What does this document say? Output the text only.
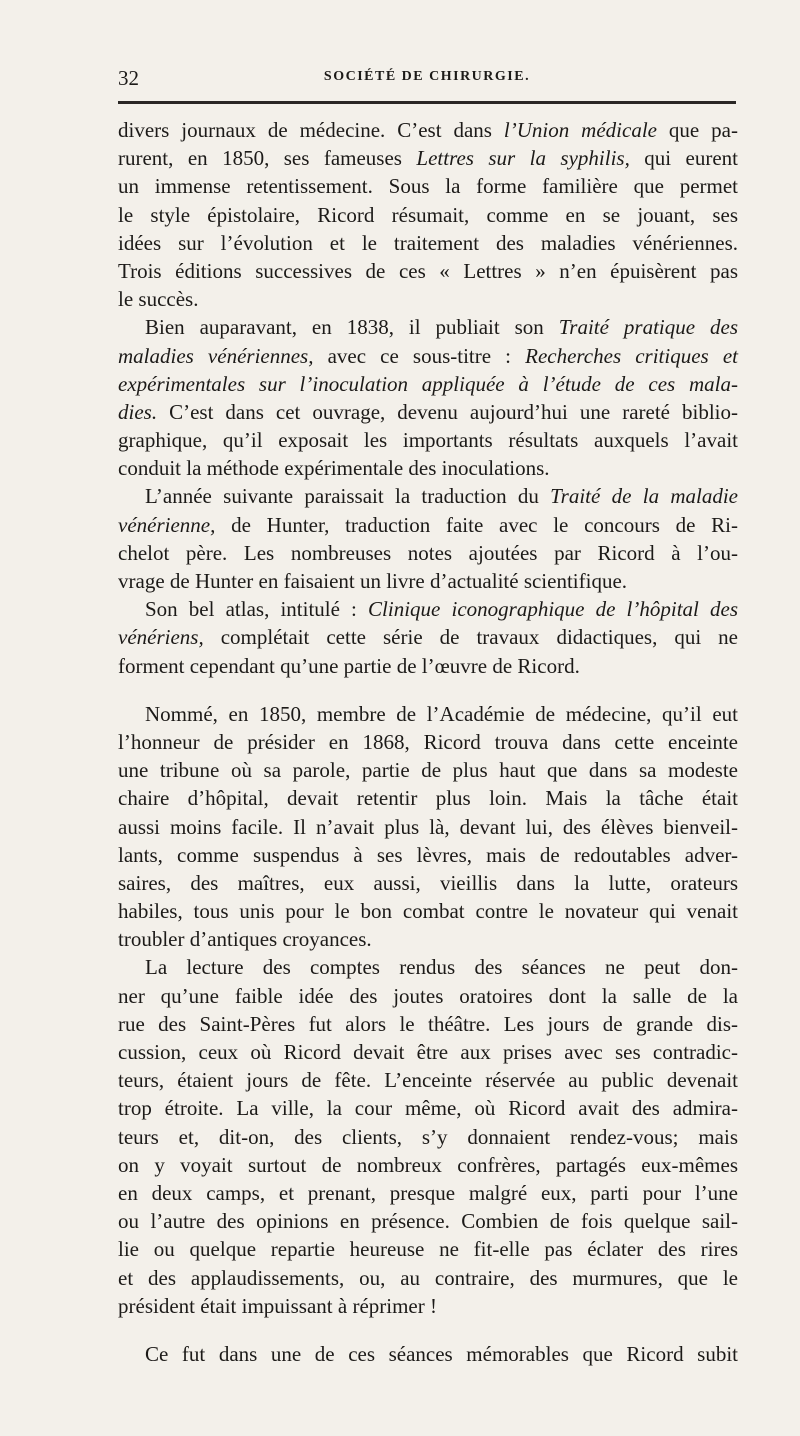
32	SOCIÉTÉ DE CHIRURGIE.
divers journaux de médecine. C’est dans l’Union médicale que pa-
rurent, en 1850, ses fameuses Lettres sur la syphilis, qui eurent
un immense retentissement. Sous la forme familière que permet
le style épistolaire, Ricord résumait, comme en se jouant, ses
idées sur l’évolution et le traitement des maladies vénériennes.
Trois éditions successives de ces « Lettres » n’en épuisèrent pas
le succès.
Bien auparavant, en 1838, il publiait son Traité pratique des
maladies vénériennes, avec ce sous-titre : Recherches critiques et
expérimentales sur l’inoculation appliquée à l’étude de ces mala-
dies. C’est dans cet ouvrage, devenu aujourd’hui une rareté biblio-
graphique, qu’il exposait les importants résultats auxquels l’avait
conduit la méthode expérimentale des inoculations.
L’année suivante paraissait la traduction du Traité de la maladie
vénérienne, de Hunter, traduction faite avec le concours de Ri-
chelot père. Les nombreuses notes ajoutées par Ricord à l’ou-
vrage de Hunter en faisaient un livre d’actualité scientifique.
Son bel atlas, intitulé : Clinique iconographique de l’hôpital des
vénériens, complétait cette série de travaux didactiques, qui ne
forment cependant qu’une partie de l’œuvre de Ricord.
Nommé, en 1850, membre de l’Académie de médecine, qu’il eut
l’honneur de présider en 1868, Ricord trouva dans cette enceinte
une tribune où sa parole, partie de plus haut que dans sa modeste
chaire d’hôpital, devait retentir plus loin. Mais la tâche était
aussi moins facile. Il n’avait plus là, devant lui, des élèves bienveil-
lants, comme suspendus à ses lèvres, mais de redoutables adver-
saires, des maîtres, eux aussi, vieillis dans la lutte, orateurs
habiles, tous unis pour le bon combat contre le novateur qui venait
troubler d’antiques croyances.
La lecture des comptes rendus des séances ne peut don-
ner qu’une faible idée des joutes oratoires dont la salle de la
rue des Saint-Pères fut alors le théâtre. Les jours de grande dis-
cussion, ceux où Ricord devait être aux prises avec ses contradic-
teurs, étaient jours de fête. L’enceinte réservée au public devenait
trop étroite. La ville, la cour même, où Ricord avait des admira-
teurs et, dit-on, des clients, s’y donnaient rendez-vous; mais
on y voyait surtout de nombreux confrères, partagés eux-mêmes
en deux camps, et prenant, presque malgré eux, parti pour l’une
ou l’autre des opinions en présence. Combien de fois quelque sail-
lie ou quelque repartie heureuse ne fit-elle pas éclater des rires
et des applaudissements, ou, au contraire, des murmures, que le
président était impuissant à réprimer !
Ce fut dans une de ces séances mémorables que Ricord subit
